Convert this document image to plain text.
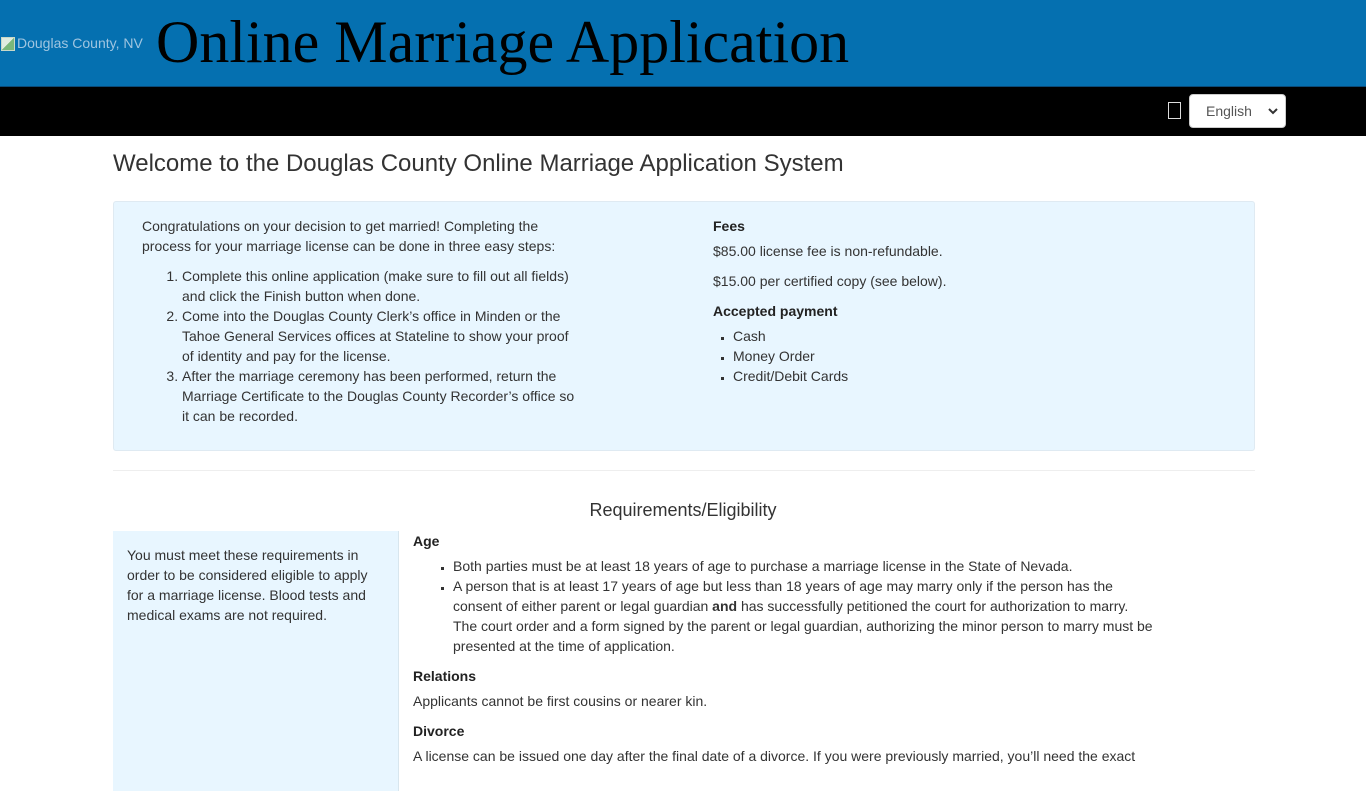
Douglas County, NV Online Marriage Application
English
Welcome to the Douglas County Online Marriage Application System

Congratulations on your decision to get married! Completing the process for your marriage license can be done in three easy steps:

1. Complete this online application (make sure to fill out all fields) and click the Finish button when done.
2. Come into the Douglas County Clerk’s office in Minden or the Tahoe General Services offices at Stateline to show your proof of identity and pay for the license.
3. After the marriage ceremony has been performed, return the Marriage Certificate to the Douglas County Recorder’s office so it can be recorded.
Fees

$85.00 license fee is non-refundable.

$15.00 per certified copy (see below).

Accepted payment
▪ Cash
▪ Money Order
▪ Credit/Debit Cards
Requirements/Eligibility

You must meet these requirements in order to be considered eligible to apply for a marriage license. Blood tests and medical exams are not required.

Age
▪ Both parties must be at least 18 years of age to purchase a marriage license in the State of Nevada.
▪ A person that is at least 17 years of age but less than 18 years of age may marry only if the person has the consent of either parent or legal guardian and has successfully petitioned the court for authorization to marry. The court order and a form signed by the parent or legal guardian, authorizing the minor person to marry must be presented at the time of application.
Relations

Applicants cannot be first cousins or nearer kin.

Divorce

A license can be issued one day after the final date of a divorce. If you were previously married, you’ll need the exact
